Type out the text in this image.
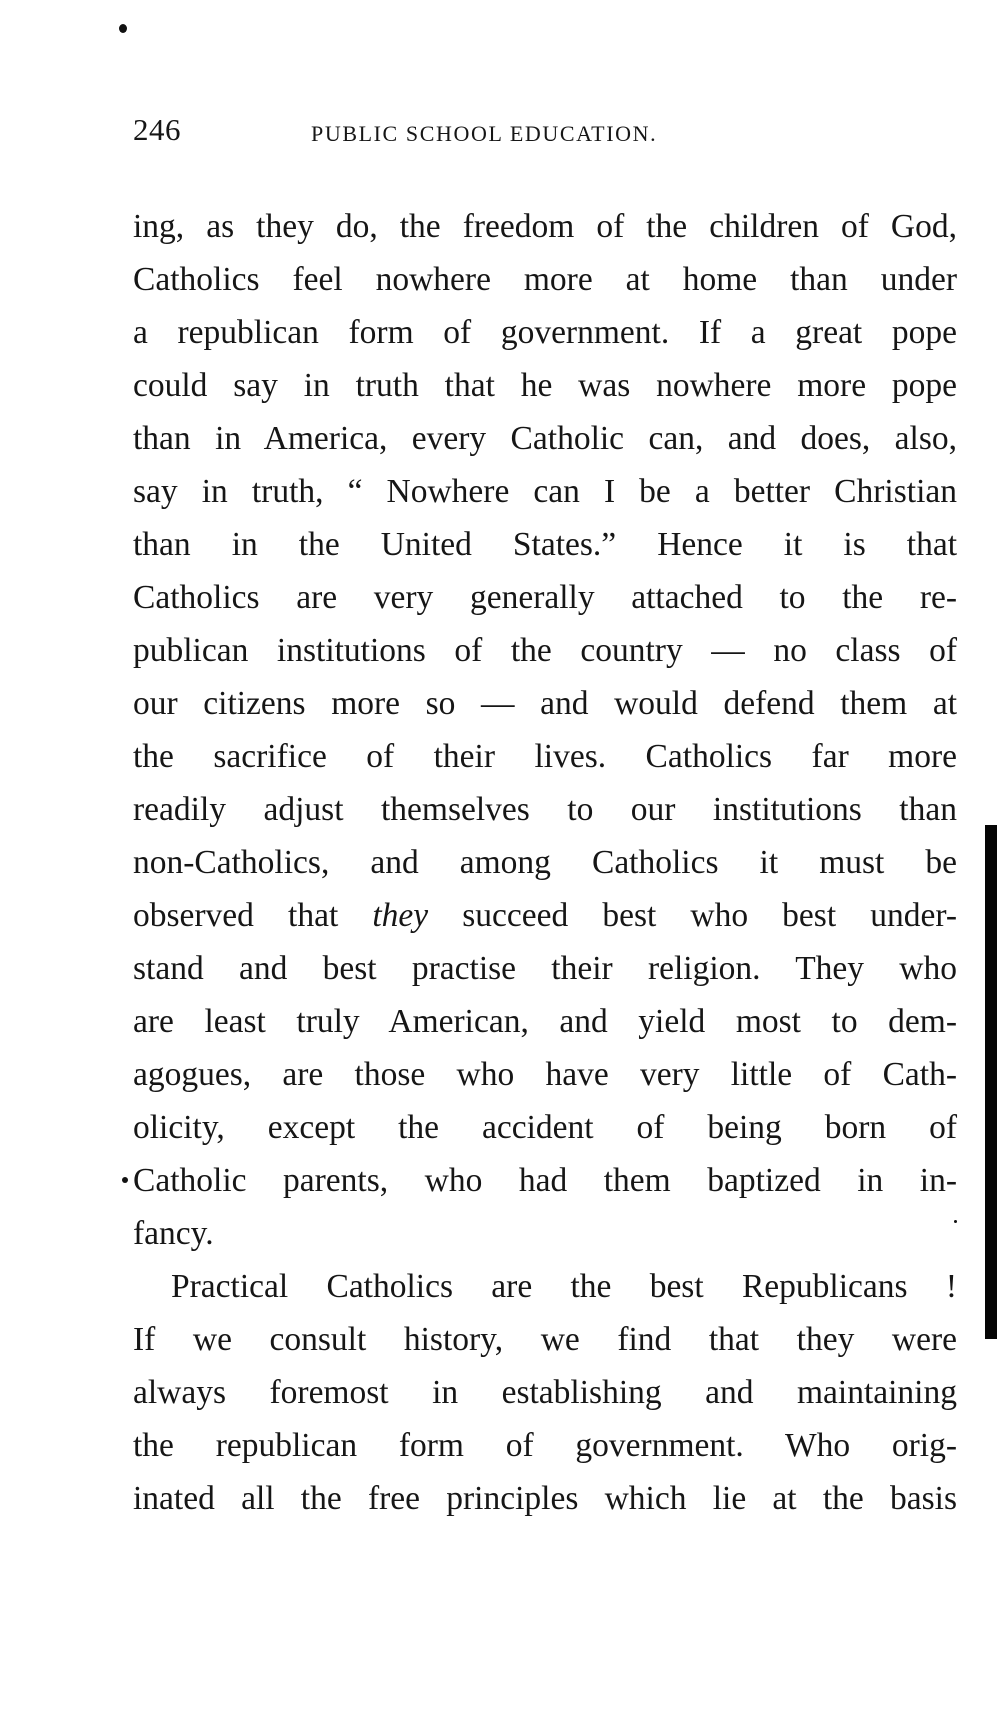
246	PUBLIC SCHOOL EDUCATION.
ing, as they do, the freedom of the children of God,
Catholics feel nowhere more at home than under
a republican form of government. If a great pope
could say in truth that he was nowhere more pope
than in America, every Catholic can, and does, also,
say in truth, “ Nowhere can I be a better Christian
than in the United States.” Hence it is that
Catholics are very generally attached to the re-
publican institutions of the country — no class of
our citizens more so — and would defend them at
the sacrifice of their lives. Catholics far more
readily adjust themselves to our institutions than
non-Catholics, and among Catholics it must be
observed that they succeed best who best under-
stand and best practise their religion. They who
are least truly American, and yield most to dem-
agogues, are those who have very little of Cath-
olicity, except the accident of being born of
Catholic parents, who had them baptized in in-
fancy.
Practical Catholics are the best Republicans !
If we consult history, we find that they were
always foremost in establishing and maintaining
the republican form of government. Who orig-
inated all the free principles which lie at the basis
